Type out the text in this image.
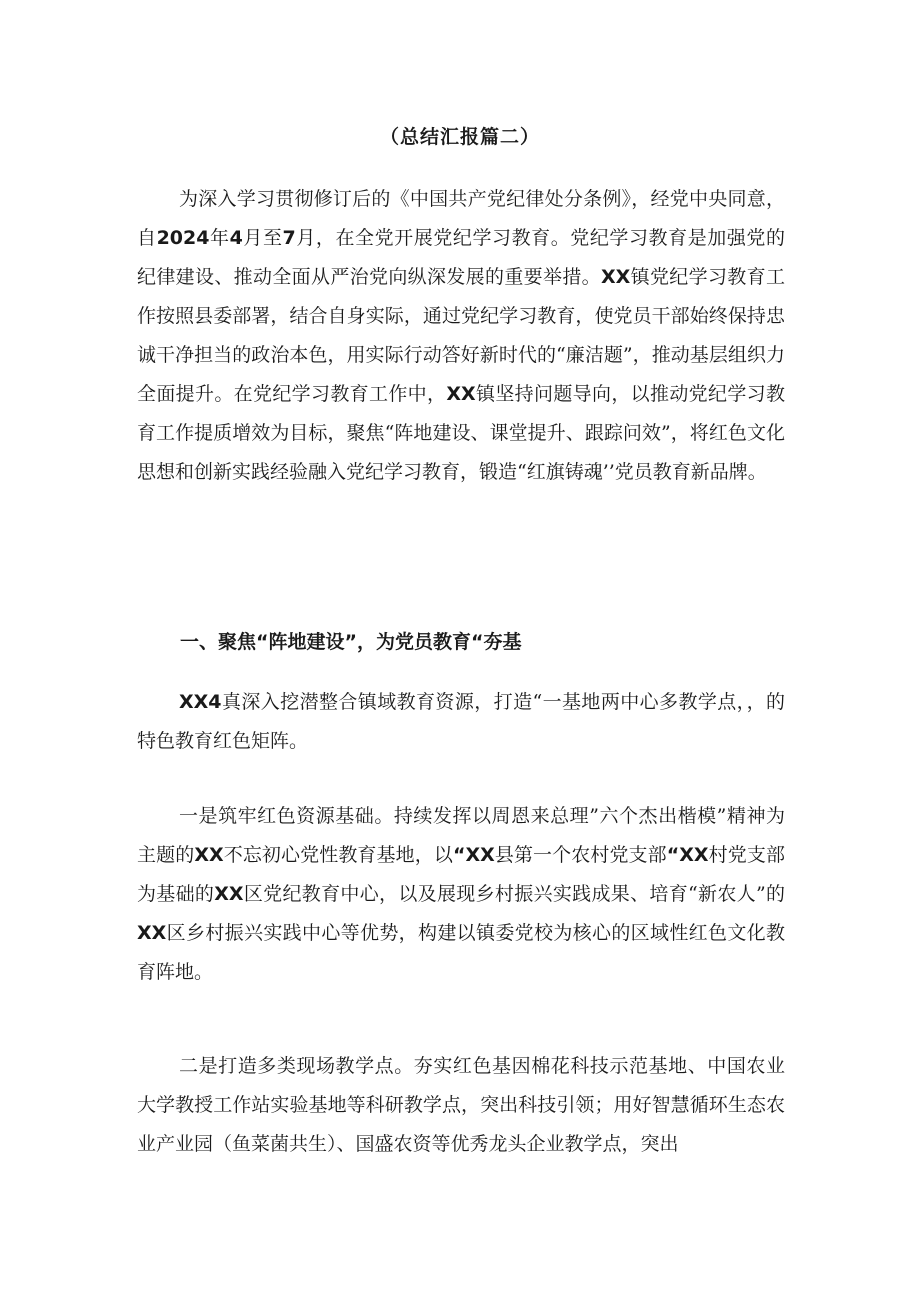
（总结汇报篇二）

为深入学习贯彻修订后的《中国共产党纪律处分条例》，经党中央同意，自2024年4月至7月，在全党开展党纪学习教育。党纪学习教育是加强党的纪律建设、推动全面从严治党向纵深发展的重要举措。XX镇党纪学习教育工作按照县委部署，结合自身实际，通过党纪学习教育，使党员干部始终保持忠诚干净担当的政治本色，用实际行动答好新时代的“廉洁题”，推动基层组织力全面提升。在党纪学习教育工作中，XX镇坚持问题导向，以推动党纪学习教育工作提质增效为目标，聚焦“阵地建设、课堂提升、跟踪问效”，将红色文化思想和创新实践经验融入党纪学习教育，锻造“红旗铸魂’’党员教育新品牌。

一、聚焦“阵地建设”，为党员教育“夯基

XX4真深入挖潜整合镇域教育资源，打造“一基地两中心多教学点，，的特色教育红色矩阵。

一是筑牢红色资源基础。持续发挥以周恩来总理”六个杰出楷模”精神为主题的XX不忘初心党性教育基地，以“XX县第一个农村党支部“XX村党支部为基础的XX区党纪教育中心，以及展现乡村振兴实践成果、培育“新农人”的XX区乡村振兴实践中心等优势，构建以镇委党校为核心的区域性红色文化教育阵地。

二是打造多类现场教学点。夯实红色基因棉花科技示范基地、中国农业大学教授工作站实验基地等科研教学点，突出科技引领；用好智慧循环生态农业产业园（鱼菜菌共生）、国盛农资等优秀龙头企业教学点，突出
